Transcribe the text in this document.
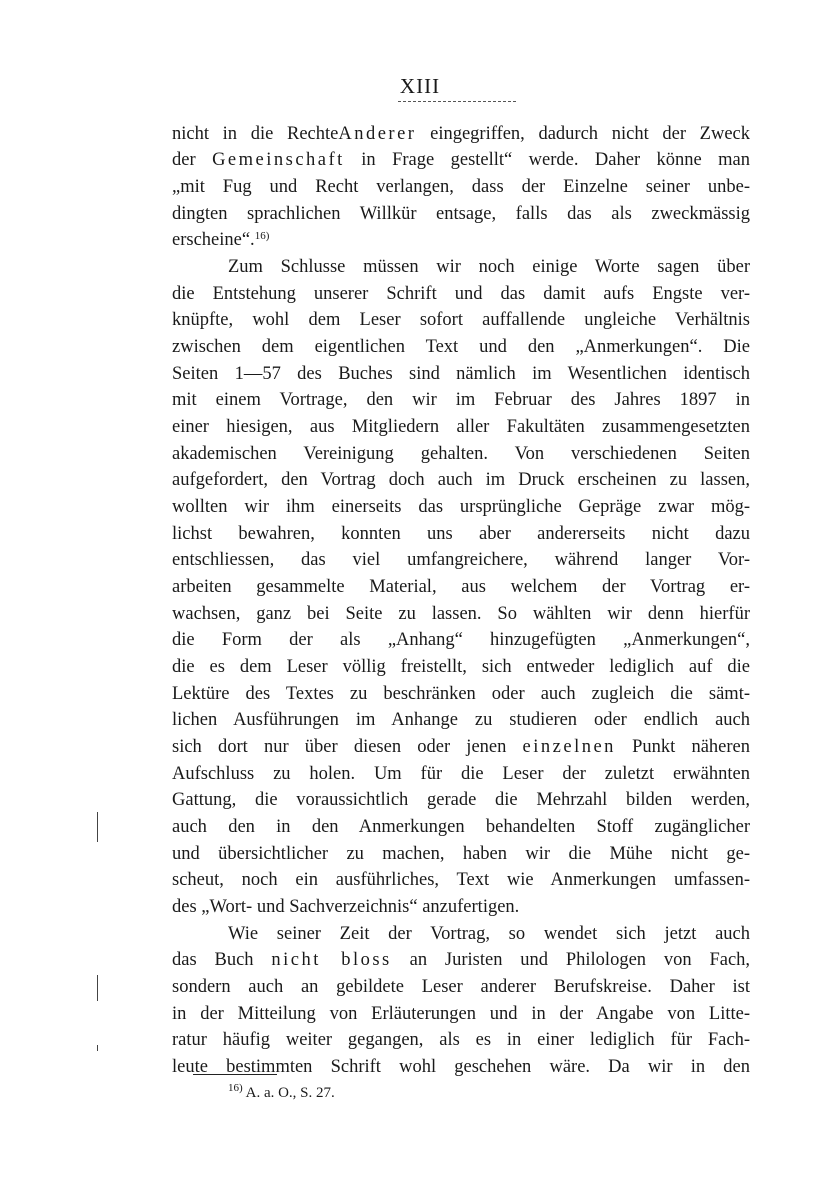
XIII
nicht in die RechteAnderer eingegriffen, dadurch nicht der Zweck
der Gemeinschaft in Frage gestellt“ werde. Daher könne man
„mit Fug und Recht verlangen, dass der Einzelne seiner unbe-
dingten sprachlichen Willkür entsage, falls das als zweckmässig
erscheine“.$^{16)}$
Zum Schlusse müssen wir noch einige Worte sagen über
die Entstehung unserer Schrift und das damit aufs Engste ver-
knüpfte, wohl dem Leser sofort auffallende ungleiche Verhältnis
zwischen dem eigentlichen Text und den „Anmerkungen“. Die
Seiten 1—57 des Buches sind nämlich im Wesentlichen identisch
mit einem Vortrage, den wir im Februar des Jahres 1897 in
einer hiesigen, aus Mitgliedern aller Fakultäten zusammengesetzten
akademischen Vereinigung gehalten. Von verschiedenen Seiten
aufgefordert, den Vortrag doch auch im Druck erscheinen zu lassen,
wollten wir ihm einerseits das ursprüngliche Gepräge zwar mög-
lichst bewahren, konnten uns aber andererseits nicht dazu
entschliessen, das viel umfangreichere, während langer Vor-
arbeiten gesammelte Material, aus welchem der Vortrag er-
wachsen, ganz bei Seite zu lassen. So wählten wir denn hierfür
die Form der als „Anhang“ hinzugefügten „Anmerkungen“,
die es dem Leser völlig freistellt, sich entweder lediglich auf die
Lektüre des Textes zu beschränken oder auch zugleich die sämt-
lichen Ausführungen im Anhange zu studieren oder endlich auch
sich dort nur über diesen oder jenen einzelnen Punkt näheren
Aufschluss zu holen. Um für die Leser der zuletzt erwähnten
Gattung, die voraussichtlich gerade die Mehrzahl bilden werden,
auch den in den Anmerkungen behandelten Stoff zugänglicher
und übersichtlicher zu machen, haben wir die Mühe nicht ge-
scheut, noch ein ausführliches, Text wie Anmerkungen umfassen-
des „Wort- und Sachverzeichnis“ anzufertigen.
Wie seiner Zeit der Vortrag, so wendet sich jetzt auch
das Buch nicht bloss an Juristen und Philologen von Fach,
sondern auch an gebildete Leser anderer Berufskreise. Daher ist
in der Mitteilung von Erläuterungen und in der Angabe von Litte-
ratur häufig weiter gegangen, als es in einer lediglich für Fach-
leute bestimmten Schrift wohl geschehen wäre. Da wir in den
$^{16)}$ A. a. O., S. 27.
